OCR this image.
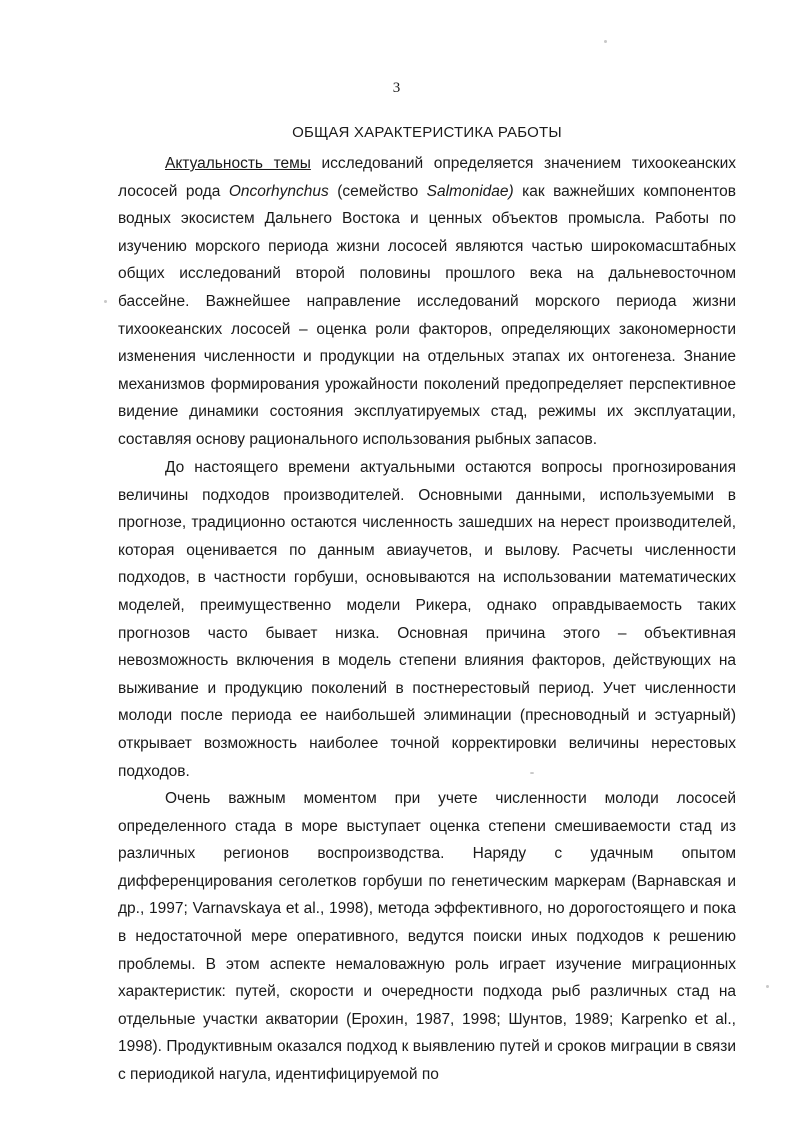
3
ОБЩАЯ ХАРАКТЕРИСТИКА РАБОТЫ

Актуальность темы исследований определяется значением тихоокеанских лососей рода Oncorhynchus (семейство Salmonidae) как важнейших компонентов водных экосистем Дальнего Востока и ценных объектов промысла. Работы по изучению морского периода жизни лососей являются частью широкомасштабных общих исследований второй половины прошлого века на дальневосточном бассейне. Важнейшее направление исследований морского периода жизни тихоокеанских лососей – оценка роли факторов, определяющих закономерности изменения численности и продукции на отдельных этапах их онтогенеза. Знание механизмов формирования урожайности поколений предопределяет перспективное видение динамики состояния эксплуатируемых стад, режимы их эксплуатации, составляя основу рационального использования рыбных запасов.

До настоящего времени актуальными остаются вопросы прогнозирования величины подходов производителей. Основными данными, используемыми в прогнозе, традиционно остаются численность зашедших на нерест производителей, которая оценивается по данным авиаучетов, и вылову. Расчеты численности подходов, в частности горбуши, основываются на использовании математических моделей, преимущественно модели Рикера, однако оправдываемость таких прогнозов часто бывает низка. Основная причина этого – объективная невозможность включения в модель степени влияния факторов, действующих на выживание и продукцию поколений в постнерестовый период. Учет численности молоди после периода ее наибольшей элиминации (пресноводный и эстуарный) открывает возможность наиболее точной корректировки величины нерестовых подходов.

Очень важным моментом при учете численности молоди лососей определенного стада в море выступает оценка степени смешиваемости стад из различных регионов воспроизводства. Наряду с удачным опытом дифференцирования сеголетков горбуши по генетическим маркерам (Варнавская и др., 1997; Varnavskaya et al., 1998), метода эффективного, но дорогостоящего и пока в недостаточной мере оперативного, ведутся поиски иных подходов к решению проблемы. В этом аспекте немаловажную роль играет изучение миграционных характеристик: путей, скорости и очередности подхода рыб различных стад на отдельные участки акватории (Ерохин, 1987, 1998; Шунтов, 1989; Karpenko et al., 1998). Продуктивным оказался подход к выявлению путей и сроков миграции в связи с периодикой нагула, идентифицируемой по
